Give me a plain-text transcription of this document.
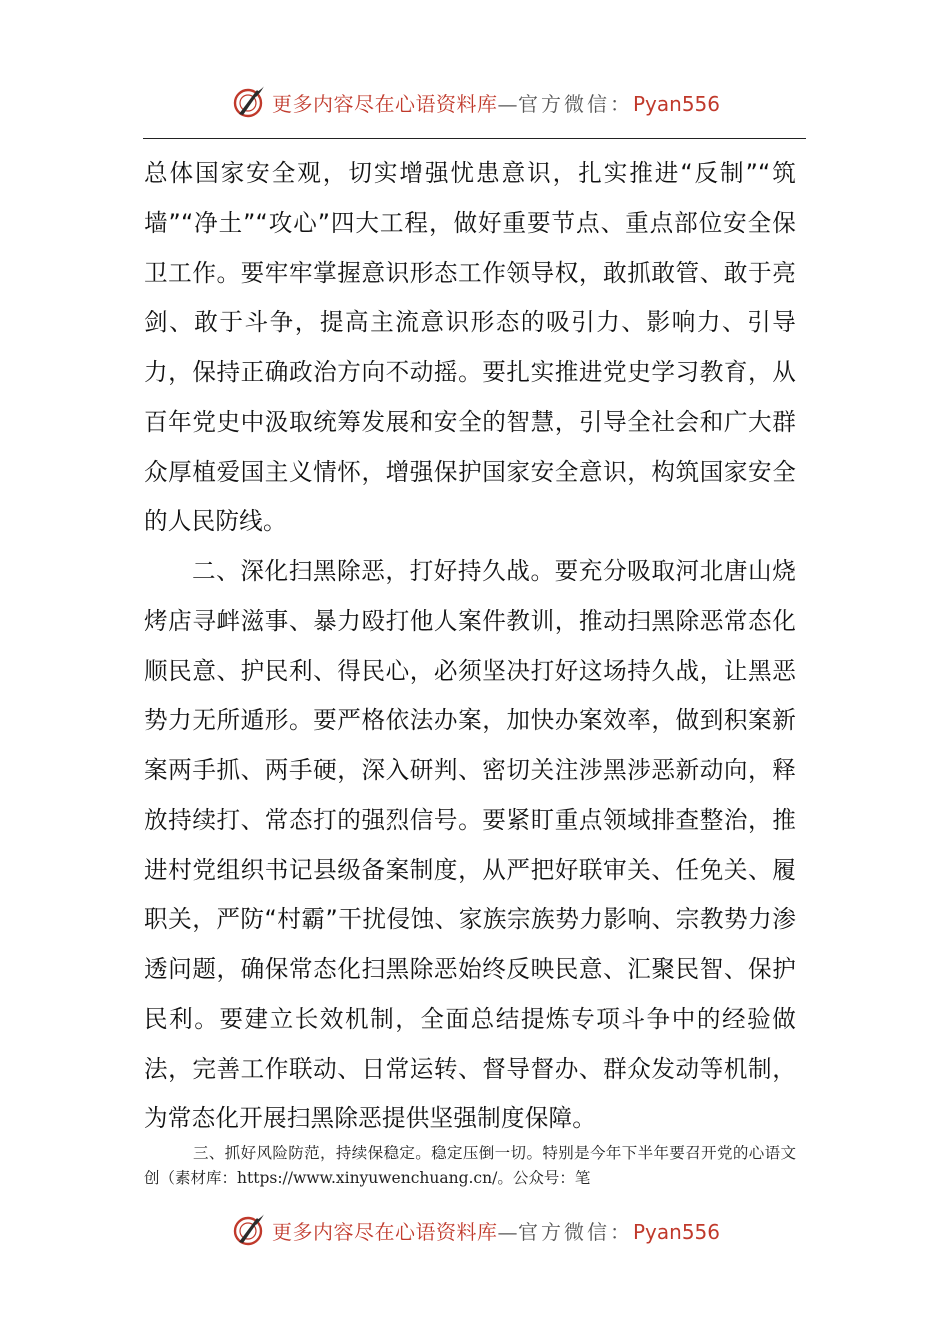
更多内容尽在心语资料库—官方微信：Pyan556

总体国家安全观，切实增强忧患意识，扎实推进“反制”“筑墙”“净土”“攻心”四大工程，做好重要节点、重点部位安全保卫工作。要牢牢掌握意识形态工作领导权，敢抓敢管、敢于亮剑、敢于斗争，提高主流意识形态的吸引力、影响力、引导力，保持正确政治方向不动摇。要扎实推进党史学习教育，从百年党史中汲取统筹发展和安全的智慧，引导全社会和广大群众厚植爱国主义情怀，增强保护国家安全意识，构筑国家安全的人民防线。

二、深化扫黑除恶，打好持久战。要充分吸取河北唐山烧烤店寻衅滋事、暴力殴打他人案件教训，推动扫黑除恶常态化顺民意、护民利、得民心，必须坚决打好这场持久战，让黑恶势力无所遁形。要严格依法办案，加快办案效率，做到积案新案两手抓、两手硬，深入研判、密切关注涉黑涉恶新动向，释放持续打、常态打的强烈信号。要紧盯重点领域排查整治，推进村党组织书记县级备案制度，从严把好联审关、任免关、履职关，严防“村霸”干扰侵蚀、家族宗族势力影响、宗教势力渗透问题，确保常态化扫黑除恶始终反映民意、汇聚民智、保护民利。要建立长效机制，全面总结提炼专项斗争中的经验做法，完善工作联动、日常运转、督导督办、群众发动等机制，为常态化开展扫黑除恶提供坚强制度保障。

三、抓好风险防范，持续保稳定。稳定压倒一切。特别是今年下半年要召开党的心语文创（素材库：https://www.xinyuwenchuang.cn/。公众号：笔

更多内容尽在心语资料库—官方微信：Pyan556
